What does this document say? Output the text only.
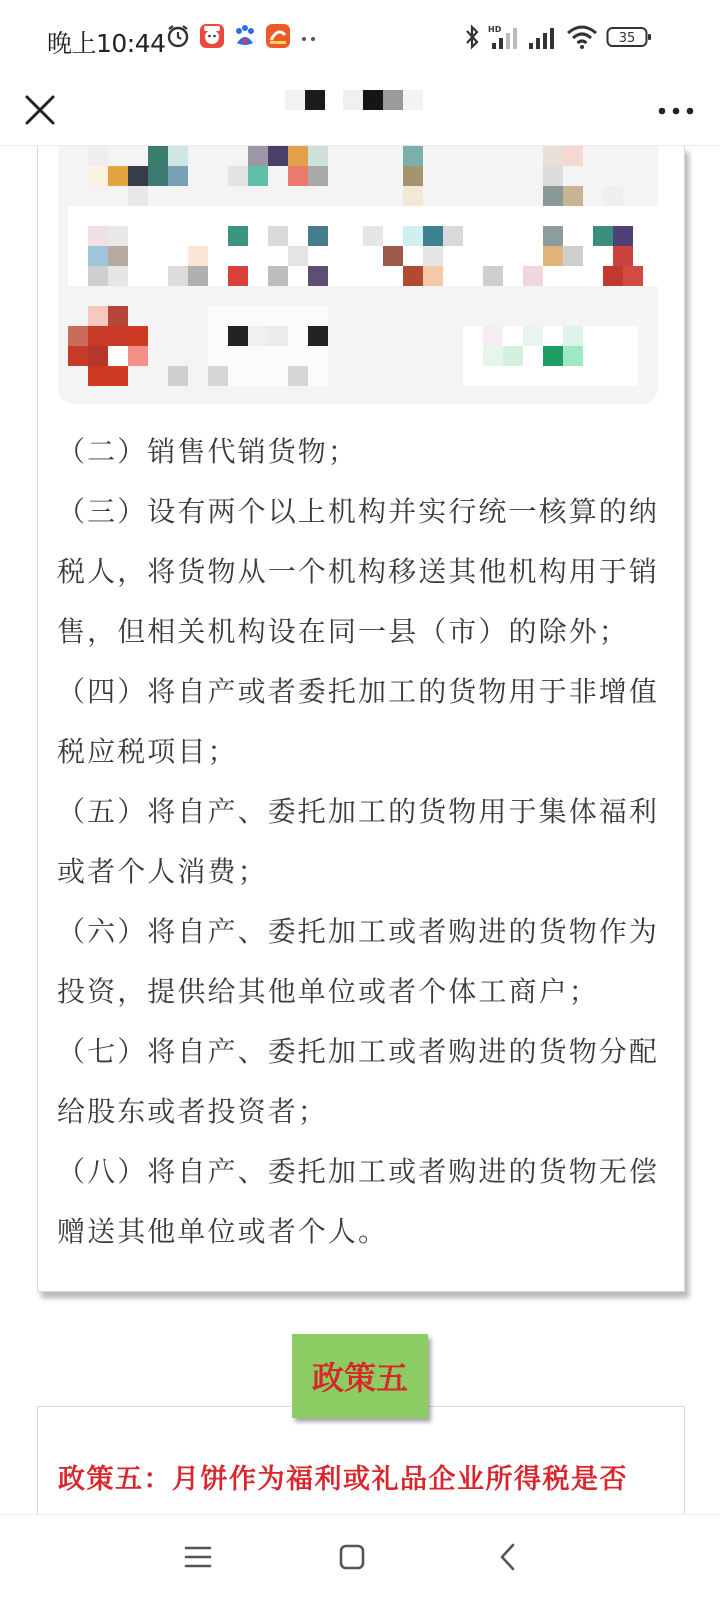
晚上10:44	HD
35

（二）销售代销货物；

（三）设有两个以上机构并实行统一核算的纳税人，将货物从一个机构移送其他机构用于销售，但相关机构设在同一县（市）的除外；

（四）将自产或者委托加工的货物用于非增值税应税项目；

（五）将自产、委托加工的货物用于集体福利或者个人消费；

（六）将自产、委托加工或者购进的货物作为投资，提供给其他单位或者个体工商户；

（七）将自产、委托加工或者购进的货物分配给股东或者投资者；

（八）将自产、委托加工或者购进的货物无偿赠送其他单位或者个人。

政策五：月饼作为福利或礼品企业所得税是否
政策五
